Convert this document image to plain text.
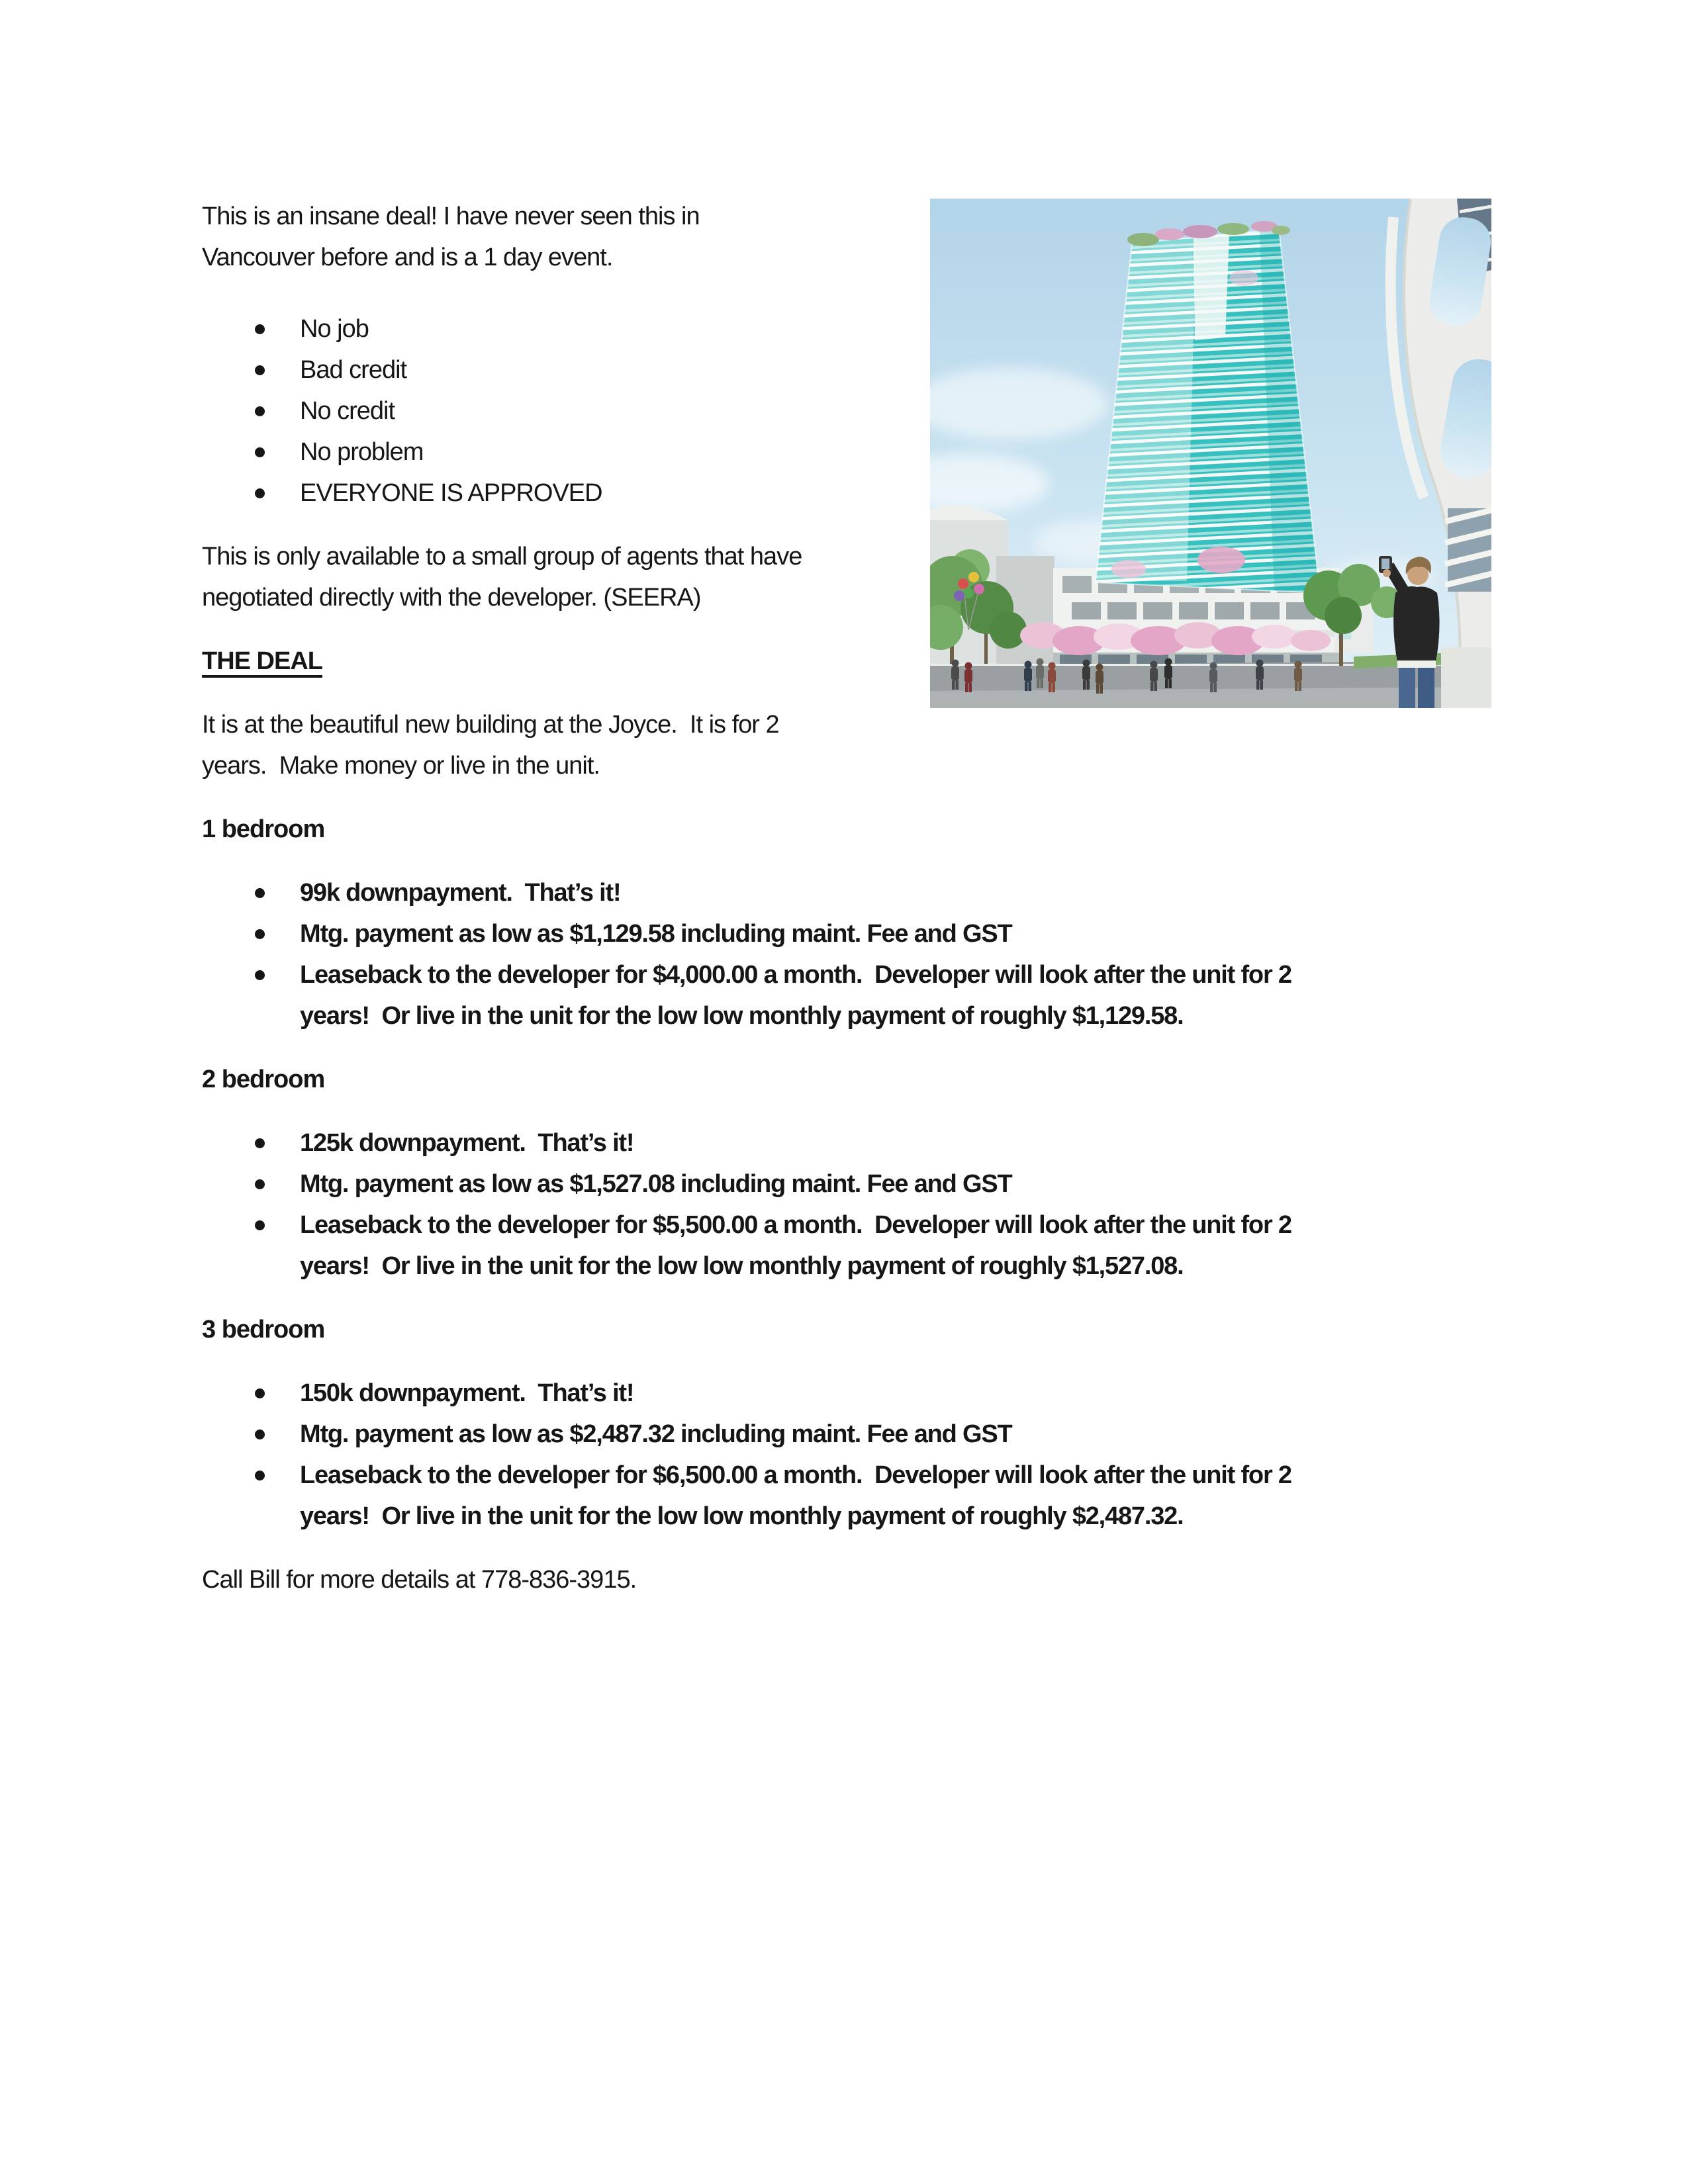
This is an insane deal! I have never seen this in
Vancouver before and is a 1 day event.

No job
Bad credit
No credit
No problem
EVERYONE IS APPROVED

This is only available to a small group of agents that have
negotiated directly with the developer. (SEERA)

THE DEAL

It is at the beautiful new building at the Joyce.  It is for 2
years.  Make money or live in the unit.

1 bedroom
99k downpayment.  That’s it!
Mtg. payment as low as $1,129.58 including maint. Fee and GST
Leaseback to the developer for $4,000.00 a month.  Developer will look after the unit for 2
years!  Or live in the unit for the low low monthly payment of roughly $1,129.58.
2 bedroom
125k downpayment.  That’s it!
Mtg. payment as low as $1,527.08 including maint. Fee and GST
Leaseback to the developer for $5,500.00 a month.  Developer will look after the unit for 2
years!  Or live in the unit for the low low monthly payment of roughly $1,527.08.
3 bedroom
150k downpayment.  That’s it!
Mtg. payment as low as $2,487.32 including maint. Fee and GST
Leaseback to the developer for $6,500.00 a month.  Developer will look after the unit for 2
years!  Or live in the unit for the low low monthly payment of roughly $2,487.32.

Call Bill for more details at 778-836-3915.
